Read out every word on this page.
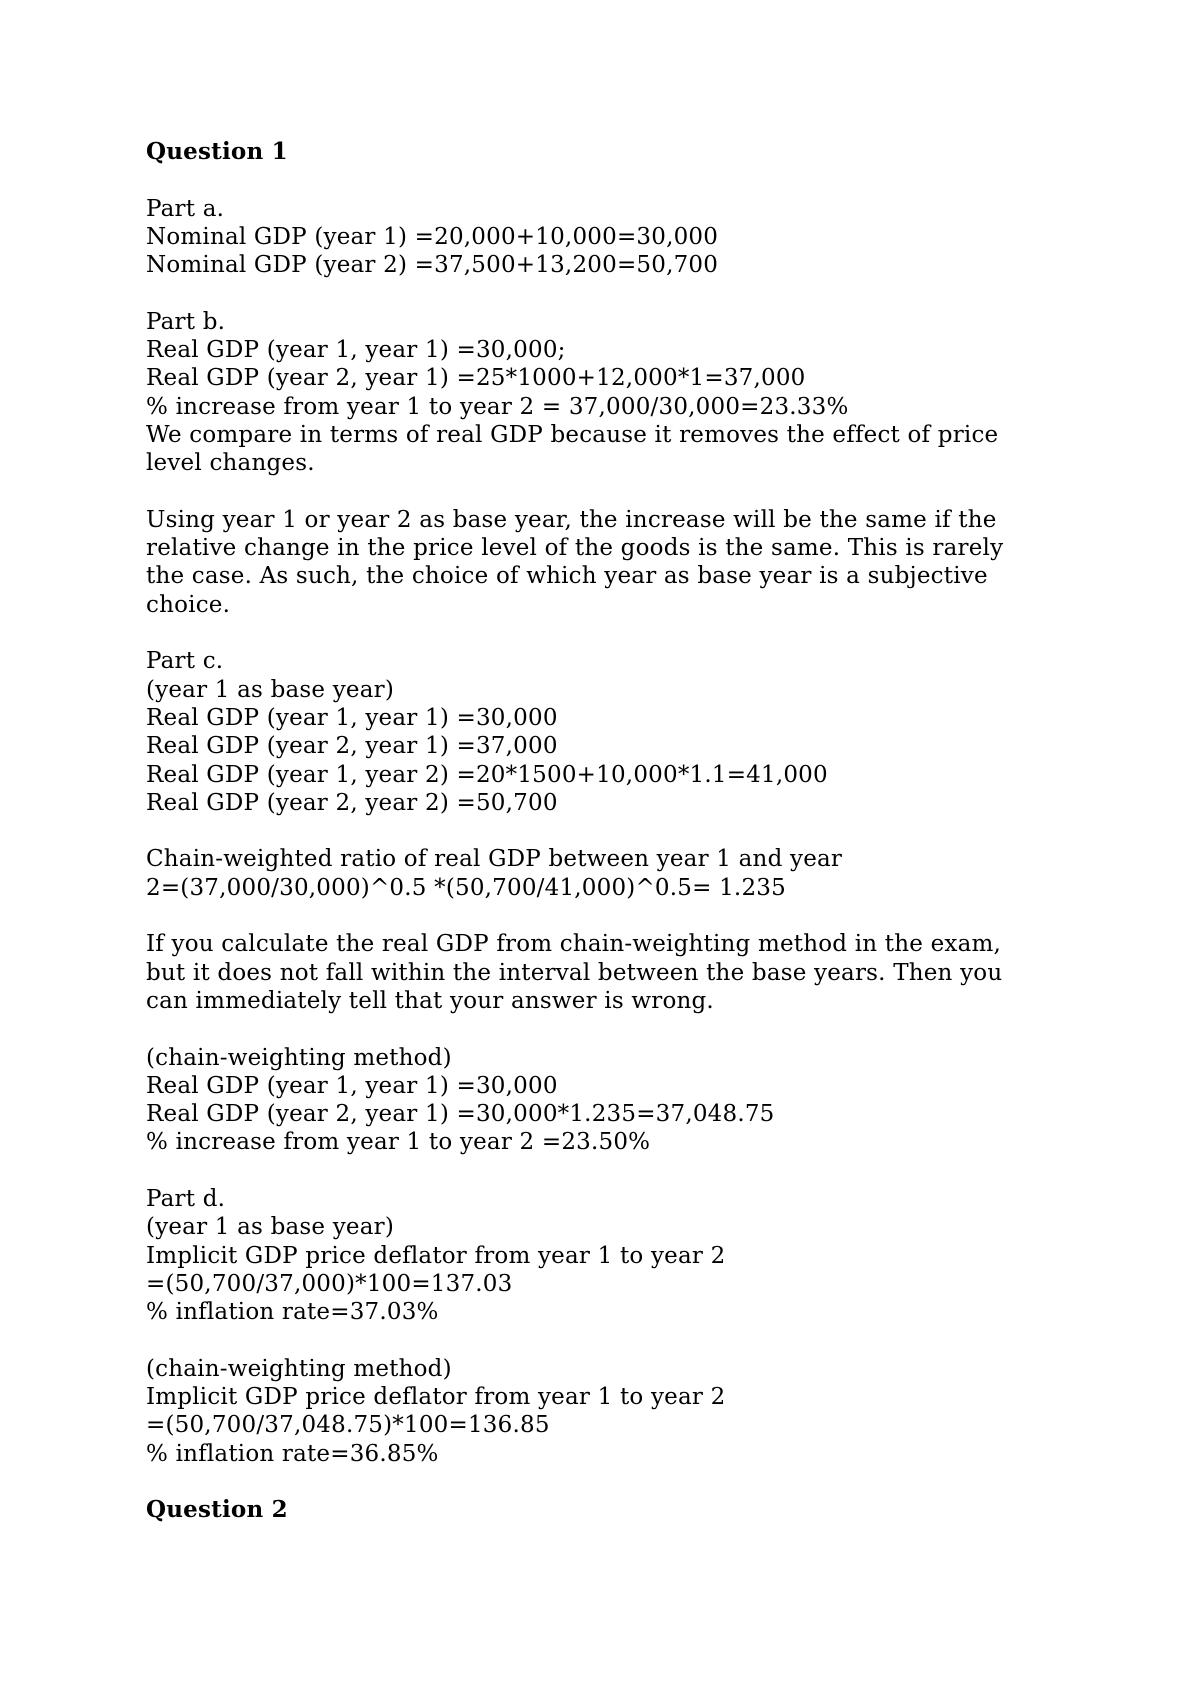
Question 1
Part a.
Nominal GDP (year 1) =20,000+10,000=30,000
Nominal GDP (year 2) =37,500+13,200=50,700
Part b.
Real GDP (year 1, year 1) =30,000;
Real GDP (year 2, year 1) =25*1000+12,000*1=37,000
% increase from year 1 to year 2 = 37,000/30,000=23.33%
We compare in terms of real GDP because it removes the effect of price
level changes.
Using year 1 or year 2 as base year, the increase will be the same if the
relative change in the price level of the goods is the same. This is rarely
the case. As such, the choice of which year as base year is a subjective
choice.
Part c.
(year 1 as base year)
Real GDP (year 1, year 1) =30,000
Real GDP (year 2, year 1) =37,000
Real GDP (year 1, year 2) =20*1500+10,000*1.1=41,000
Real GDP (year 2, year 2) =50,700
Chain-weighted ratio of real GDP between year 1 and year
2=(37,000/30,000)^0.5 *(50,700/41,000)^0.5= 1.235
If you calculate the real GDP from chain-weighting method in the exam,
but it does not fall within the interval between the base years. Then you
can immediately tell that your answer is wrong.
(chain-weighting method)
Real GDP (year 1, year 1) =30,000
Real GDP (year 2, year 1) =30,000*1.235=37,048.75
% increase from year 1 to year 2 =23.50%
Part d.
(year 1 as base year)
Implicit GDP price deflator from year 1 to year 2
=(50,700/37,000)*100=137.03
% inflation rate=37.03%
(chain-weighting method)
Implicit GDP price deflator from year 1 to year 2
=(50,700/37,048.75)*100=136.85
% inflation rate=36.85%
Question 2
